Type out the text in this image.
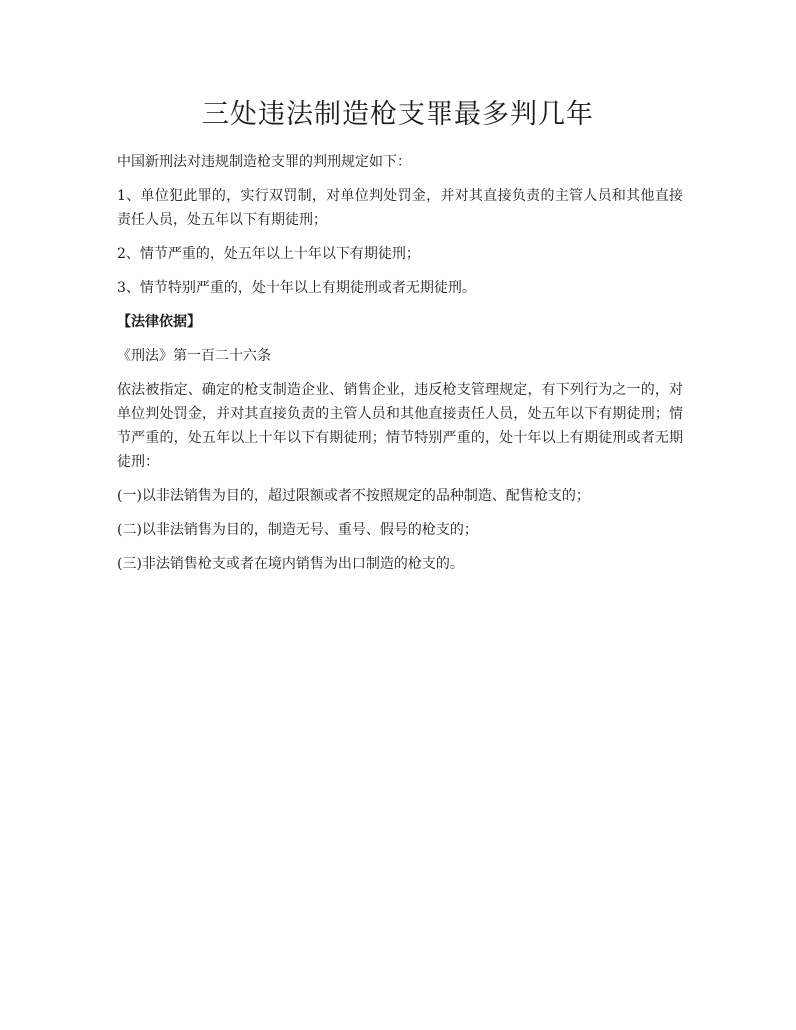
三处违法制造枪支罪最多判几年

中国新刑法对违规制造枪支罪的判刑规定如下：

1、单位犯此罪的，实行双罚制，对单位判处罚金，并对其直接负责的主管人员和其他直接责任人员，处五年以下有期徒刑；

2、情节严重的，处五年以上十年以下有期徒刑；

3、情节特别严重的，处十年以上有期徒刑或者无期徒刑。

【法律依据】

《刑法》第一百二十六条

依法被指定、确定的枪支制造企业、销售企业，违反枪支管理规定，有下列行为之一的，对单位判处罚金，并对其直接负责的主管人员和其他直接责任人员，处五年以下有期徒刑；情节严重的，处五年以上十年以下有期徒刑；情节特别严重的，处十年以上有期徒刑或者无期徒刑：

(一)以非法销售为目的，超过限额或者不按照规定的品种制造、配售枪支的；

(二)以非法销售为目的，制造无号、重号、假号的枪支的；

(三)非法销售枪支或者在境内销售为出口制造的枪支的。
